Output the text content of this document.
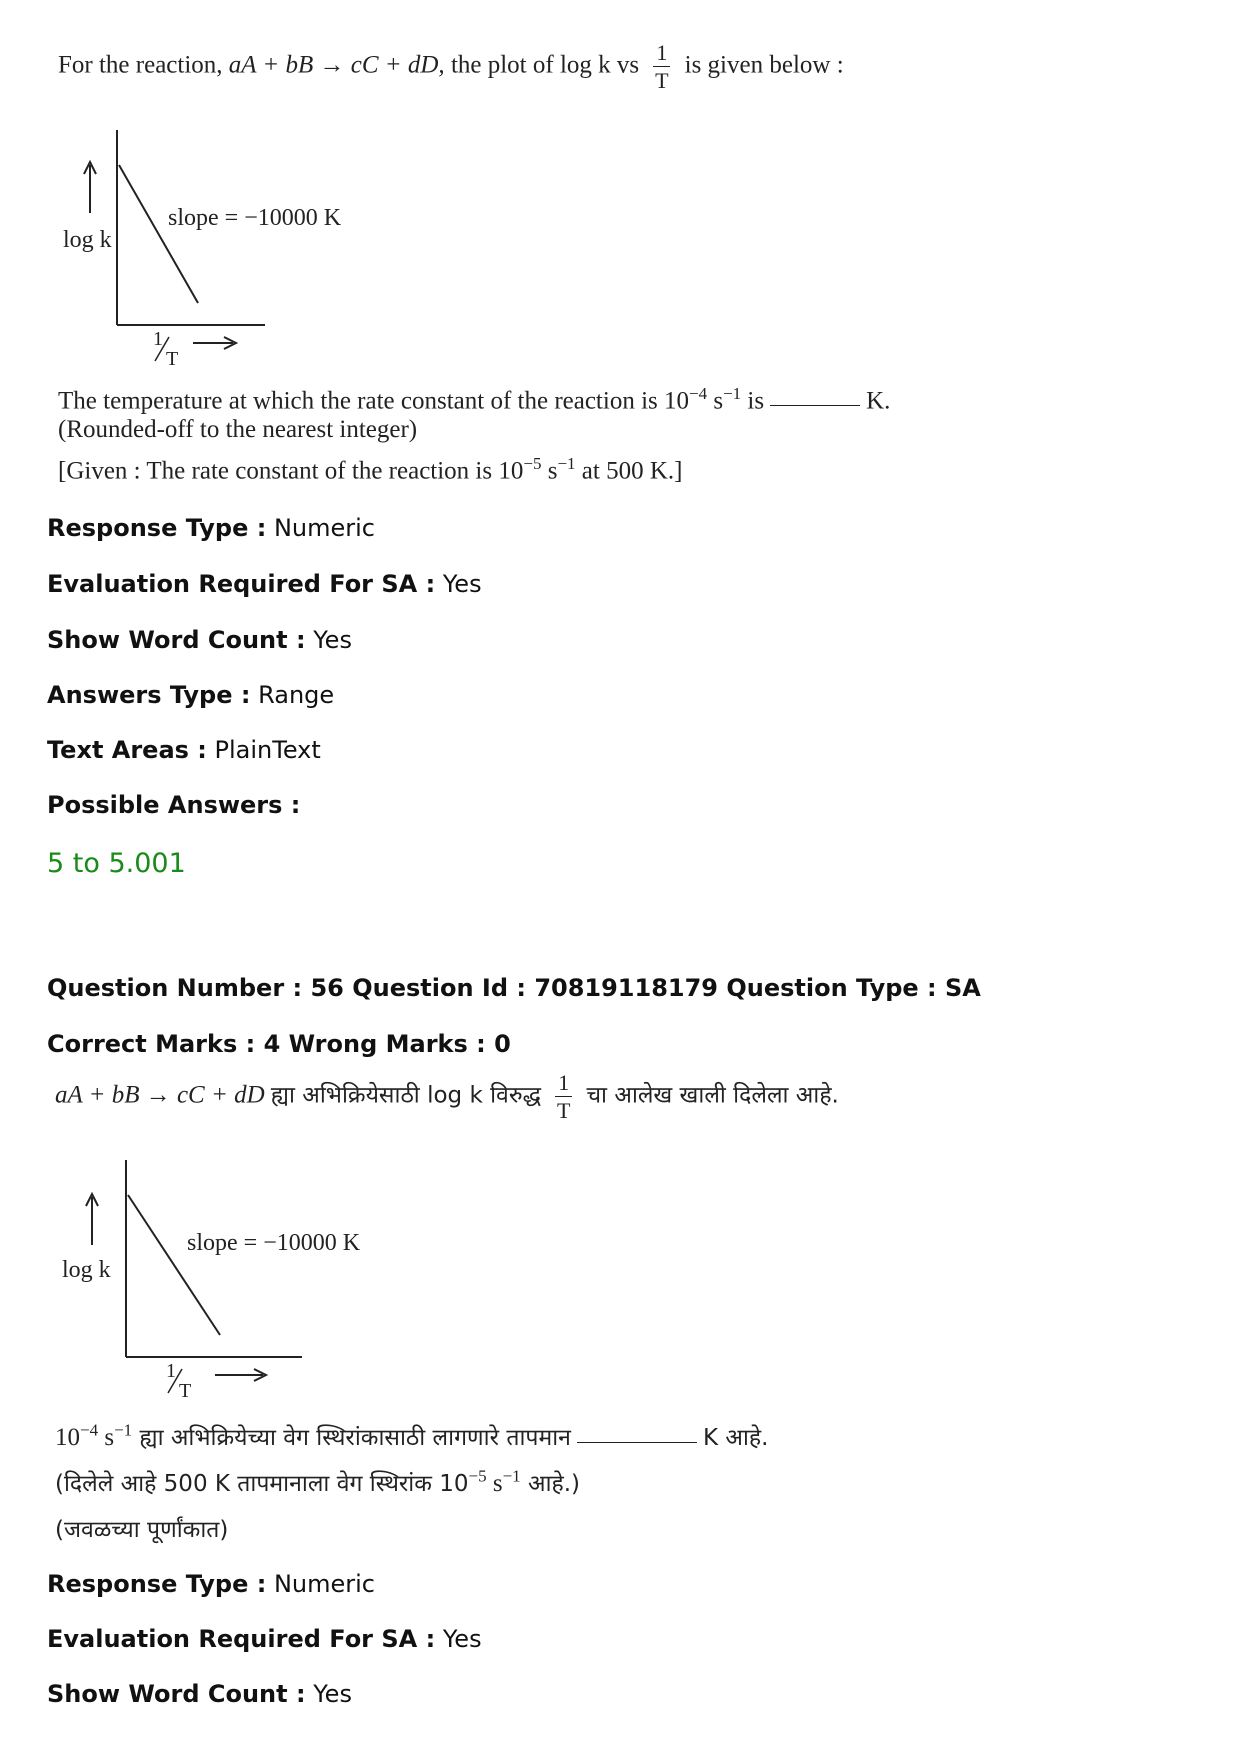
For the reaction, aA + bB → cC + dD, the plot of log k vs $\frac{1}{T}$ is given below :
log k
slope = −10000 K
1
T
The temperature at which the rate constant of the reaction is $10^{-4}$ $s^{-1}$ is	K.
(Rounded-off to the nearest integer)
[Given : The rate constant of the reaction is $10^{-5}$ $s^{-1}$ at 500 K.]
Response Type : Numeric
Evaluation Required For SA : Yes
Show Word Count : Yes
Answers Type : Range
Text Areas : PlainText
Possible Answers :
5 to 5.001
Question Number : 56 Question Id : 70819118179 Question Type : SA
Correct Marks : 4 Wrong Marks : 0
aA + bB → cC + dD ह्या अभिक्रियेसाठी log k विरुद्ध $\frac{1}{T}$ चा आलेख खाली दिलेला आहे.
log k
slope = −10000 K
1
T
$10^{-4}$ $s^{-1}$ ह्या अभिक्रियेच्या वेग स्थिरांकासाठी लागणारे तापमान	K आहे.
(दिलेले आहे 500 K तापमानाला वेग स्थिरांक $10^{-5}$ $s^{-1}$ आहे.)
(जवळच्या पूर्णांकात)
Response Type : Numeric
Evaluation Required For SA : Yes
Show Word Count : Yes
